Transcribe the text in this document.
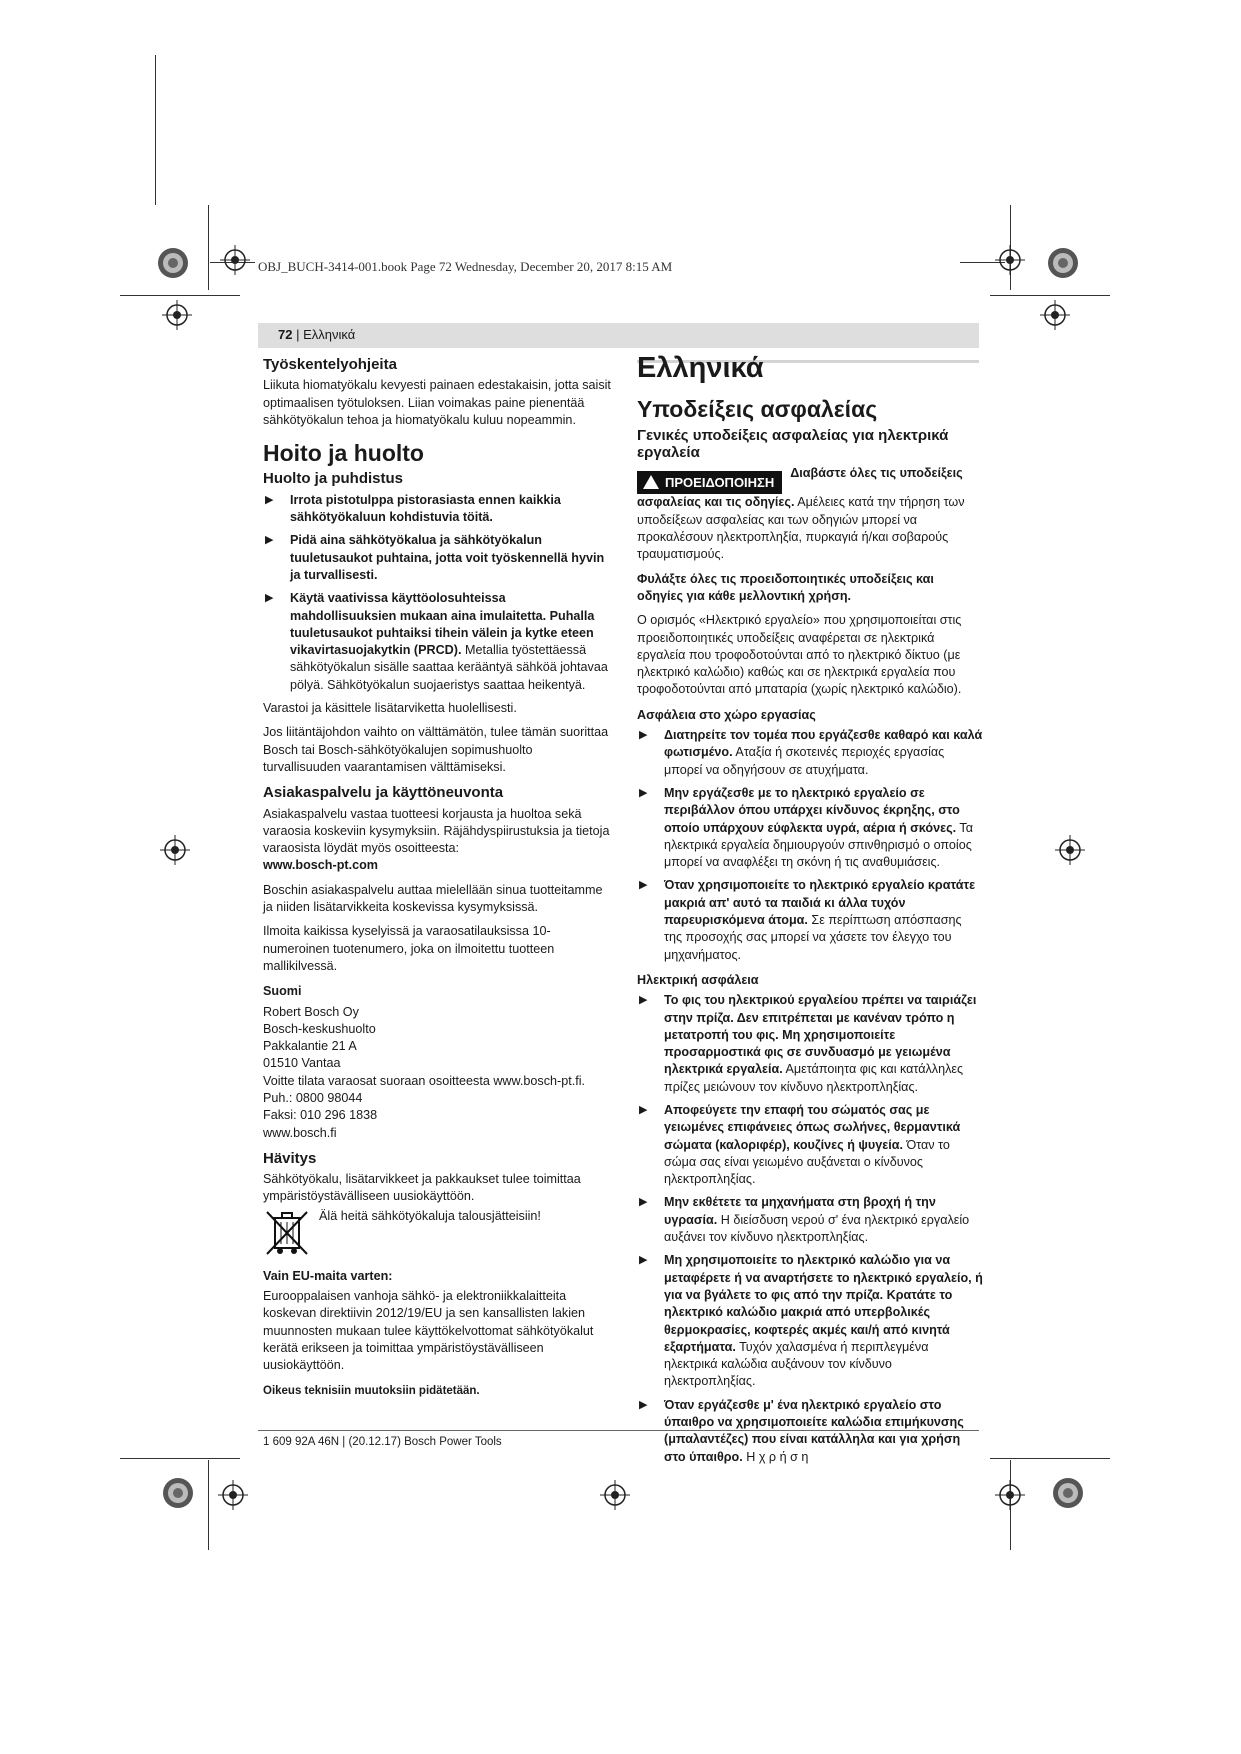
OBJ_BUCH-3414-001.book Page 72 Wednesday, December 20, 2017 8:15 AM
72 | Ελληνικά
Työskentelyohjeita

Liikuta hiomatyökalu kevyesti painaen edestakaisin, jotta saisit optimaalisen työtuloksen. Liian voimakas paine pienentää sähkötyökalun tehoa ja hiomatyökalu kuluu nopeammin.

Hoito ja huolto
Huolto ja puhdistus
▶ Irrota pistotulppa pistorasiasta ennen kaikkia sähkötyökaluun kohdistuvia töitä.
▶ Pidä aina sähkötyökalua ja sähkötyökalun tuuletusaukot puhtaina, jotta voit työskennellä hyvin ja turvallisesti.
▶ Käytä vaativissa käyttöolosuhteissa mahdollisuuksien mukaan aina imulaitetta. Puhalla tuuletusaukot puhtaiksi tihein välein ja kytke eteen vikavirtasuojakytkin (PRCD). Metallia työstettäessä sähkötyökalun sisälle saattaa kerääntyä sähköä johtavaa pölyä. Sähkötyökalun suojaeristys saattaa heikentyä.

Varastoi ja käsittele lisätarviketta huolellisesti.

Jos liitäntäjohdon vaihto on välttämätön, tulee tämän suorittaa Bosch tai Bosch-sähkötyökalujen sopimushuolto turvallisuuden vaarantamisen välttämiseksi.

Asiakaspalvelu ja käyttöneuvonta

Asiakaspalvelu vastaa tuotteesi korjausta ja huoltoa sekä varaosia koskeviin kysymyksiin. Räjähdyspiirustuksia ja tietoja varaosista löydät myös osoitteesta:

www.bosch-pt.com

Boschin asiakaspalvelu auttaa mielellään sinua tuotteitamme ja niiden lisätarvikkeita koskevissa kysymyksissä.

Ilmoita kaikissa kyselyissä ja varaosatilauksissa 10-numeroinen tuotenumero, joka on ilmoitettu tuotteen mallikilvessä.

Suomi

Robert Bosch Oy

Bosch-keskushuolto

Pakkalantie 21 A

01510 Vantaa

Voitte tilata varaosat suoraan osoitteesta www.bosch-pt.fi.

Puh.: 0800 98044

Faksi: 010 296 1838

www.bosch.fi

Hävitys

Sähkötyökalu, lisätarvikkeet ja pakkaukset tulee toimittaa ympäristöystävälliseen uusiokäyttöön.

Älä heitä sähkötyökaluja talousjätteisiin!
Vain EU-maita varten:

Eurooppalaisen vanhoja sähkö- ja elektroniikkalaitteita koskevan direktiivin 2012/19/EU ja sen kansallisten lakien muunnosten mukaan tulee käyttökelvottomat sähkötyökalut kerätä erikseen ja toimittaa ympäristöystävälliseen uusiokäyttöön.

Oikeus teknisiin muutoksiin pidätetään.

Ελληνικά
Υποδείξεις ασφαλείας
Γενικές υποδείξεις ασφαλείας για ηλεκτρικά εργαλεία

ΠΡΟΕΙΔΟΠΟΙΗΣΗΔιαβάστε όλες τις υποδείξεις ασφαλείας και τις οδηγίες. Αμέλειες κατά την τήρηση των υποδείξεων ασφαλείας και των οδηγιών μπορεί να προκαλέσουν ηλεκτροπληξία, πυρκαγιά ή/και σοβαρούς τραυματισμούς.

Φυλάξτε όλες τις προειδοποιητικές υποδείξεις και οδηγίες για κάθε μελλοντική χρήση.

Ο ορισμός «Ηλεκτρικό εργαλείο» που χρησιμοποιείται στις προειδοποιητικές υποδείξεις αναφέρεται σε ηλεκτρικά εργαλεία που τροφοδοτούνται από το ηλεκτρικό δίκτυο (με ηλεκτρικό καλώδιο) καθώς και σε ηλεκτρικά εργαλεία που τροφοδοτούνται από μπαταρία (χωρίς ηλεκτρικό καλώδιο).

Ασφάλεια στο χώρο εργασίας
▶ Διατηρείτε τον τομέα που εργάζεσθε καθαρό και καλά φωτισμένο. Αταξία ή σκοτεινές περιοχές εργασίας μπορεί να οδηγήσουν σε ατυχήματα.
▶ Μην εργάζεσθε με το ηλεκτρικό εργαλείο σε περιβάλλον όπου υπάρχει κίνδυνος έκρηξης, στο οποίο υπάρχουν εύφλεκτα υγρά, αέρια ή σκόνες. Τα ηλεκτρικά εργαλεία δημιουργούν σπινθηρισμό ο οποίος μπορεί να αναφλέξει τη σκόνη ή τις αναθυμιάσεις.
▶ Όταν χρησιμοποιείτε το ηλεκτρικό εργαλείο κρατάτε μακριά απ' αυτό τα παιδιά κι άλλα τυχόν παρευρισκόμενα άτομα. Σε περίπτωση απόσπασης της προσοχής σας μπορεί να χάσετε τον έλεγχο του μηχανήματος.
Ηλεκτρική ασφάλεια
▶ Το φις του ηλεκτρικού εργαλείου πρέπει να ταιριάζει στην πρίζα. Δεν επιτρέπεται με κανέναν τρόπο η μετατροπή του φις. Μη χρησιμοποιείτε προσαρμοστικά φις σε συνδυασμό με γειωμένα ηλεκτρικά εργαλεία. Αμετάποιητα φις και κατάλληλες πρίζες μειώνουν τον κίνδυνο ηλεκτροπληξίας.
▶ Αποφεύγετε την επαφή του σώματός σας με γειωμένες επιφάνειες όπως σωλήνες, θερμαντικά σώματα (καλοριφέρ), κουζίνες ή ψυγεία. Όταν το σώμα σας είναι γειωμένο αυξάνεται ο κίνδυνος ηλεκτροπληξίας.
▶ Μην εκθέτετε τα μηχανήματα στη βροχή ή την υγρασία. Η διείσδυση νερού σ' ένα ηλεκτρικό εργαλείο αυξάνει τον κίνδυνο ηλεκτροπληξίας.
▶ Μη χρησιμοποιείτε το ηλεκτρικό καλώδιο για να μεταφέρετε ή να αναρτήσετε το ηλεκτρικό εργαλείο, ή για να βγάλετε το φις από την πρίζα. Κρατάτε το ηλεκτρικό καλώδιο μακριά από υπερβολικές θερμοκρασίες, κοφτερές ακμές και/ή από κινητά εξαρτήματα. Τυχόν χαλασμένα ή περιπλεγμένα ηλεκτρικά καλώδια αυξάνουν τον κίνδυνο ηλεκτροπληξίας.
▶ Όταν εργάζεσθε μ' ένα ηλεκτρικό εργαλείο στο ύπαιθρο να χρησιμοποιείτε καλώδια επιμήκυνσης (μπαλαντέζες) που είναι κατάλληλα και για χρήση στο ύπαιθρο. Η χ ρ ή σ η
1 609 92A 46N | (20.12.17) Bosch Power Tools
